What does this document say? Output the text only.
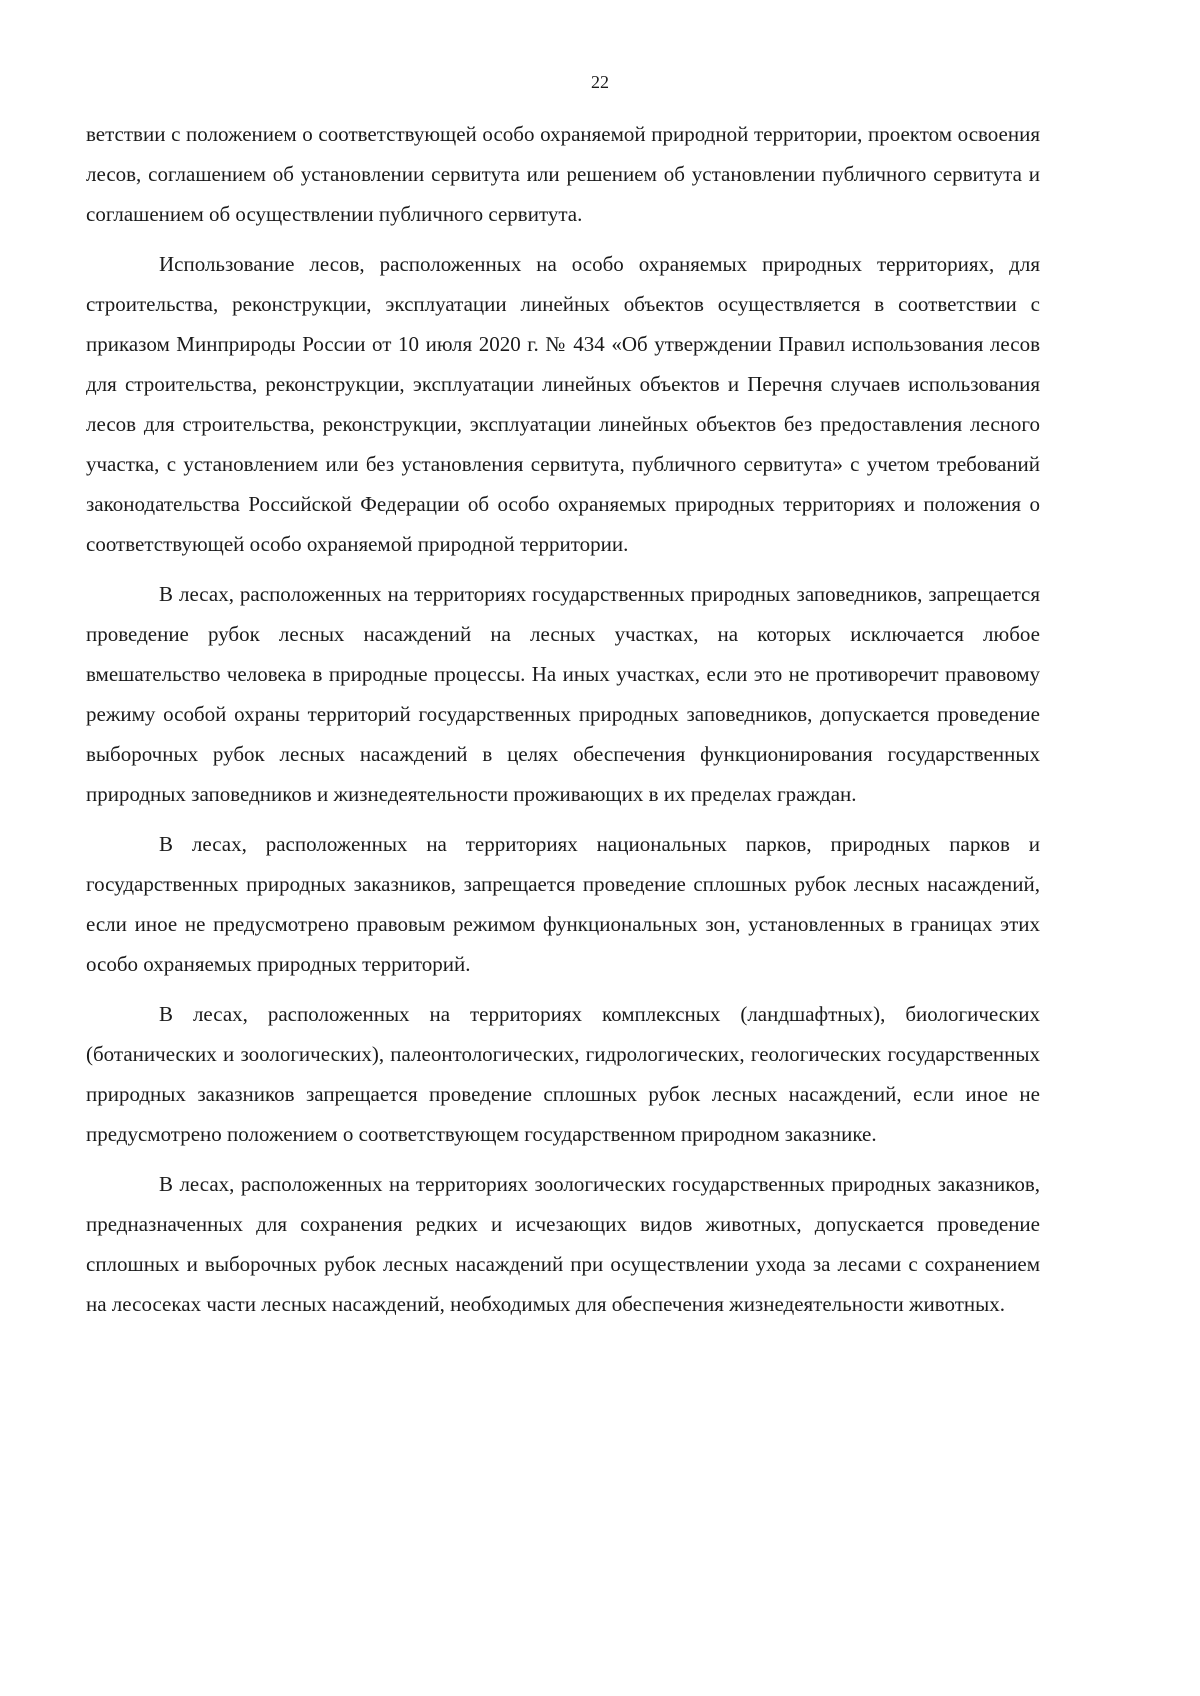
22

ветствии с положением о соответствующей особо охраняемой природной территории, проектом освоения лесов, соглашением об установлении сервитута или решением об установлении публичного сервитута и соглашением об осуществлении публичного сервитута.

Использование лесов, расположенных на особо охраняемых природных территориях, для строительства, реконструкции, эксплуатации линейных объектов осуществляется в соответствии с приказом Минприроды России от 10 июля 2020 г. № 434 «Об утверждении Правил использования лесов для строительства, реконструкции, эксплуатации линейных объектов и Перечня случаев использования лесов для строительства, реконструкции, эксплуатации линейных объектов без предоставления лесного участка, с установлением или без установления сервитута, публичного сервитута» с учетом требований законодательства Российской Федерации об особо охраняемых природных территориях и положения о соответствующей особо охраняемой природной территории.

В лесах, расположенных на территориях государственных природных заповедников, запрещается проведение рубок лесных насаждений на лесных участках, на которых исключается любое вмешательство человека в природные процессы. На иных участках, если это не противоречит правовому режиму особой охраны территорий государственных природных заповедников, допускается проведение выборочных рубок лесных насаждений в целях обеспечения функционирования государственных природных заповедников и жизнедеятельности проживающих в их пределах граждан.

В лесах, расположенных на территориях национальных парков, природных парков и государственных природных заказников, запрещается проведение сплошных рубок лесных насаждений, если иное не предусмотрено правовым режимом функциональных зон, установленных в границах этих особо охраняемых природных территорий.

В лесах, расположенных на территориях комплексных (ландшафтных), биологических (ботанических и зоологических), палеонтологических, гидрологических, геологических государственных природных заказников запрещается проведение сплошных рубок лесных насаждений, если иное не предусмотрено положением о соответствующем государственном природном заказнике.

В лесах, расположенных на территориях зоологических государственных природных заказников, предназначенных для сохранения редких и исчезающих видов животных, допускается проведение сплошных и выборочных рубок лесных насаждений при осуществлении ухода за лесами с сохранением на лесосеках части лесных насаждений, необходимых для обеспечения жизнедеятельности животных.
